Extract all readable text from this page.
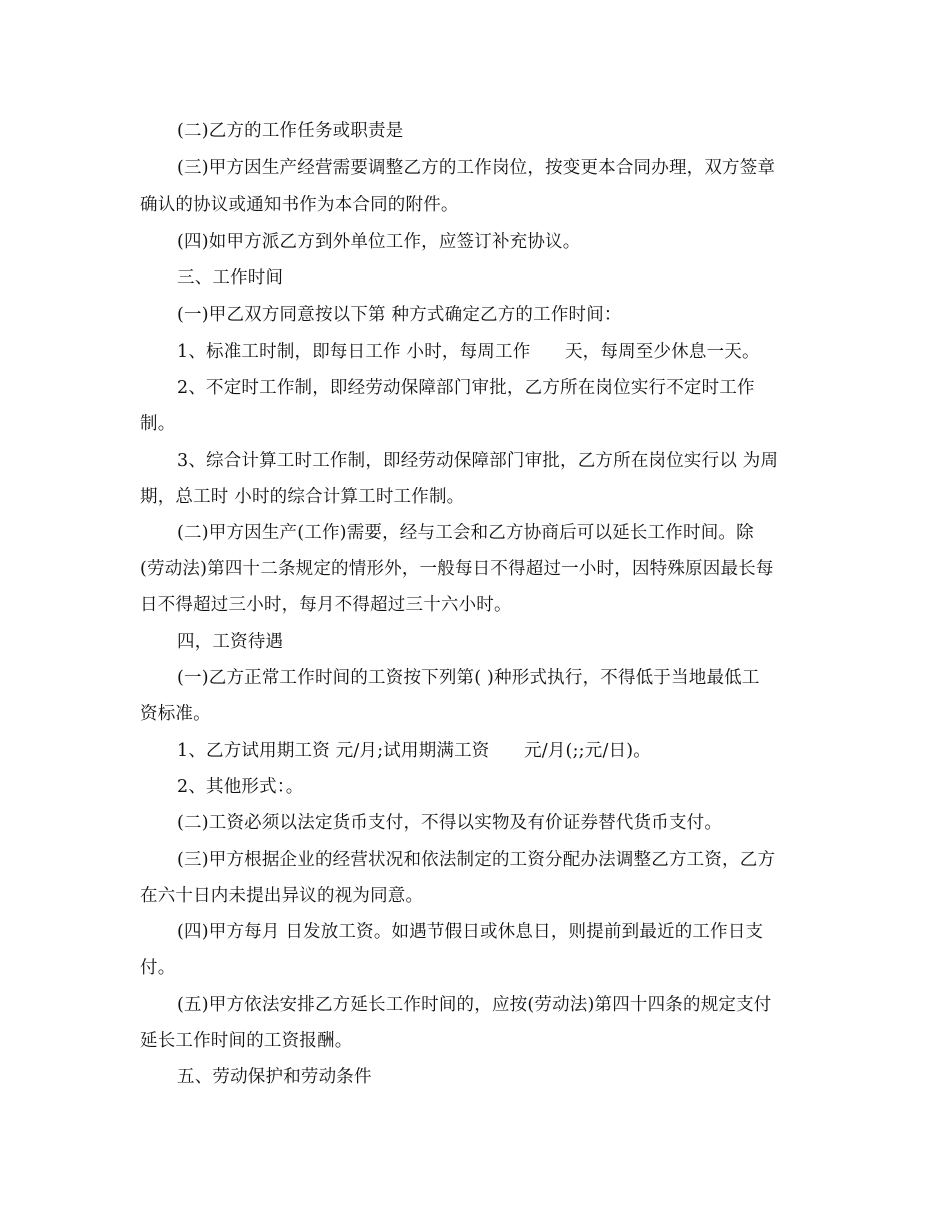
(二)乙方的工作任务或职责是
(三)甲方因生产经营需要调整乙方的工作岗位，按变更本合同办理，双方签章
确认的协议或通知书作为本合同的附件。
(四)如甲方派乙方到外单位工作，应签订补充协议。
三、工作时间
(一)甲乙双方同意按以下第 种方式确定乙方的工作时间：
1、标准工时制，即每日工作 小时，每周工作      天，每周至少休息一天。
2、不定时工作制，即经劳动保障部门审批，乙方所在岗位实行不定时工作
制。
3、综合计算工时工作制，即经劳动保障部门审批，乙方所在岗位实行以 为周
期，总工时 小时的综合计算工时工作制。
(二)甲方因生产(工作)需要，经与工会和乙方协商后可以延长工作时间。除
(劳动法)第四十二条规定的情形外，一般每日不得超过一小时，因特殊原因最长每
日不得超过三小时，每月不得超过三十六小时。
四，工资待遇
(一)乙方正常工作时间的工资按下列第( )种形式执行，不得低于当地最低工
资标准。
1、乙方试用期工资 元/月;试用期满工资      元/月(;;元/日)。
2、其他形式：。
(二)工资必须以法定货币支付，不得以实物及有价证券替代货币支付。
(三)甲方根据企业的经营状况和依法制定的工资分配办法调整乙方工资，乙方
在六十日内未提出异议的视为同意。
(四)甲方每月 日发放工资。如遇节假日或休息日，则提前到最近的工作日支
付。
(五)甲方依法安排乙方延长工作时间的，应按(劳动法)第四十四条的规定支付
延长工作时间的工资报酬。
五、劳动保护和劳动条件
